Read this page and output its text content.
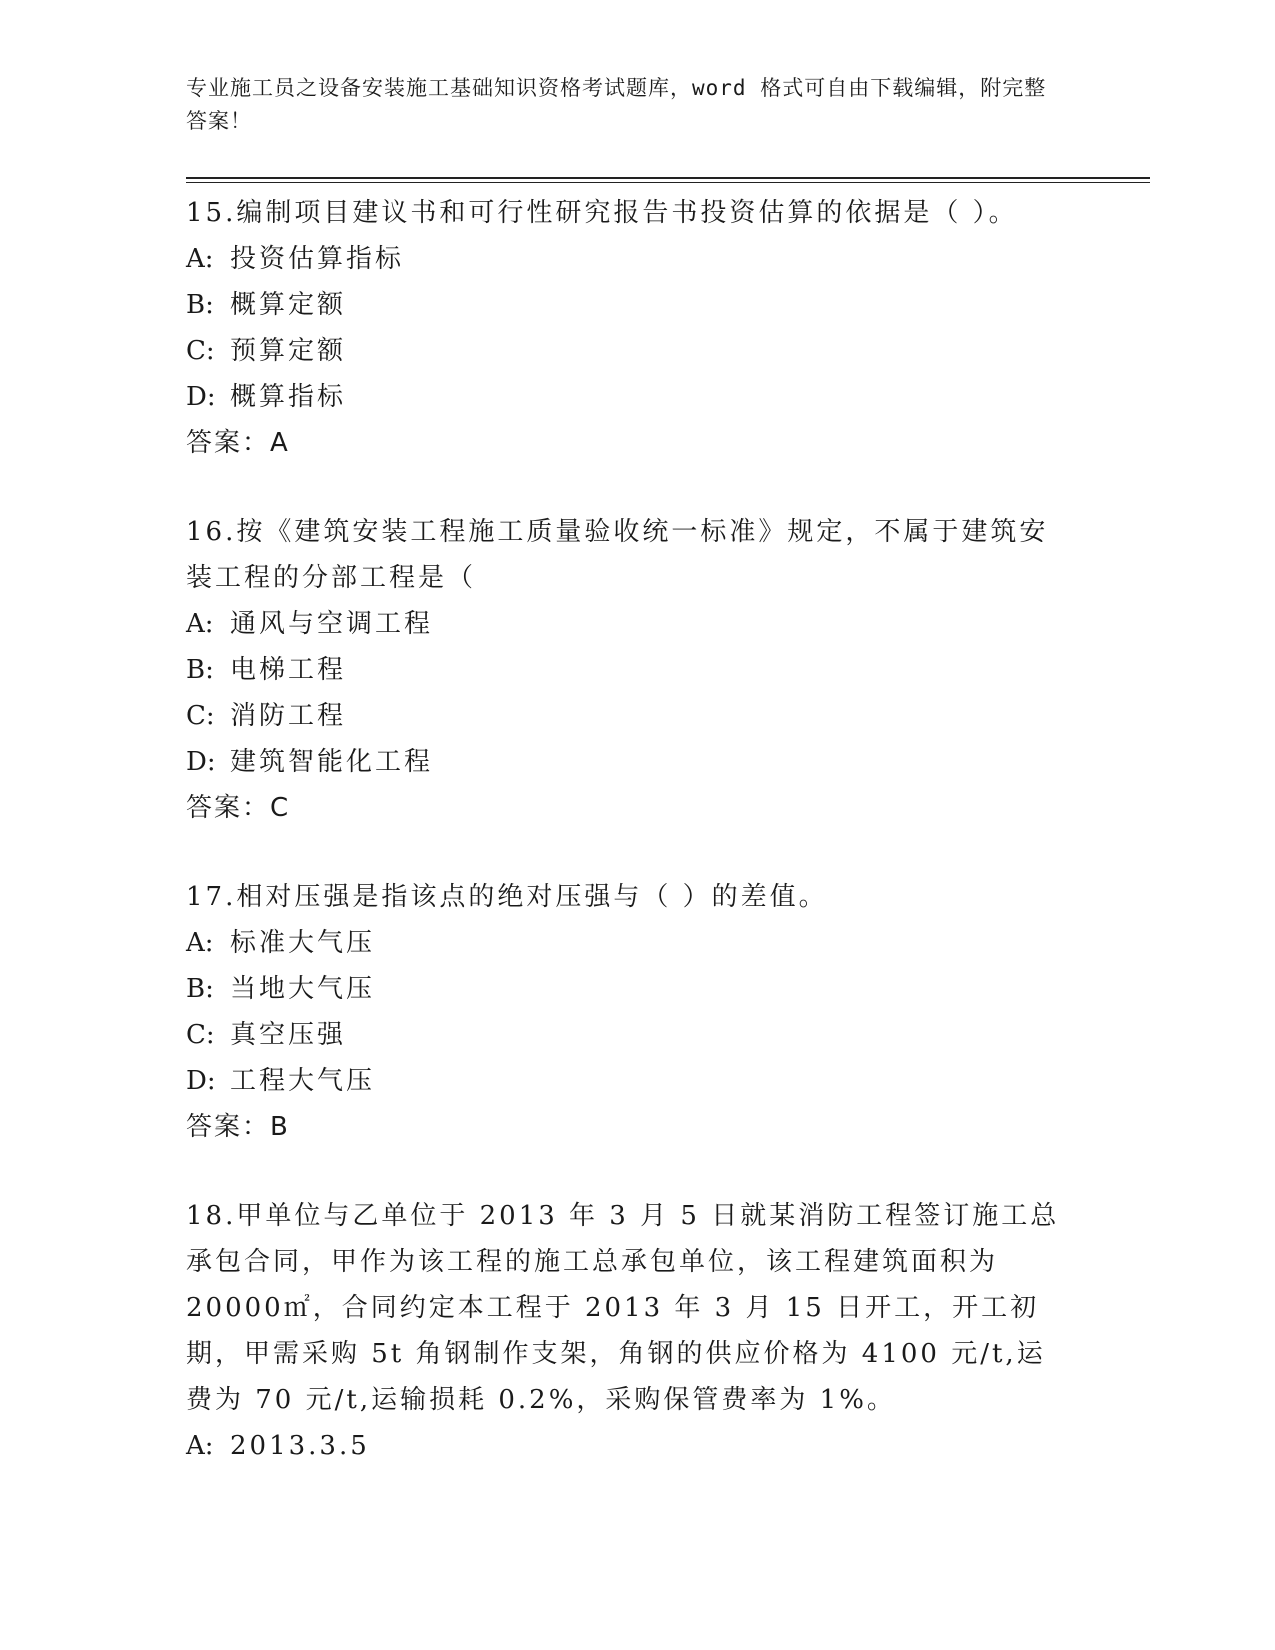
专业施工员之设备安装施工基础知识资格考试题库，word 格式可自由下载编辑，附完整答案！
15.编制项目建议书和可行性研究报告书投资估算的依据是（ ）。
A: 投资估算指标
B: 概算定额
C: 预算定额
D: 概算指标
答案：A
16.按《建筑安装工程施工质量验收统一标准》规定，不属于建筑安装工程的分部工程是（
A: 通风与空调工程
B: 电梯工程
C: 消防工程
D: 建筑智能化工程
答案：C
17.相对压强是指该点的绝对压强与（ ）的差值。
A: 标准大气压
B: 当地大气压
C: 真空压强
D: 工程大气压
答案：B
18.甲单位与乙单位于 2013 年 3 月 5 日就某消防工程签订施工总承包合同，甲作为该工程的施工总承包单位，该工程建筑面积为 20000㎡，合同约定本工程于 2013 年 3 月 15 日开工，开工初期，甲需采购 5t 角钢制作支架，角钢的供应价格为 4100 元/t,运费为 70 元/t,运输损耗 0.2%，采购保管费率为 1%。
A: 2013.3.5
